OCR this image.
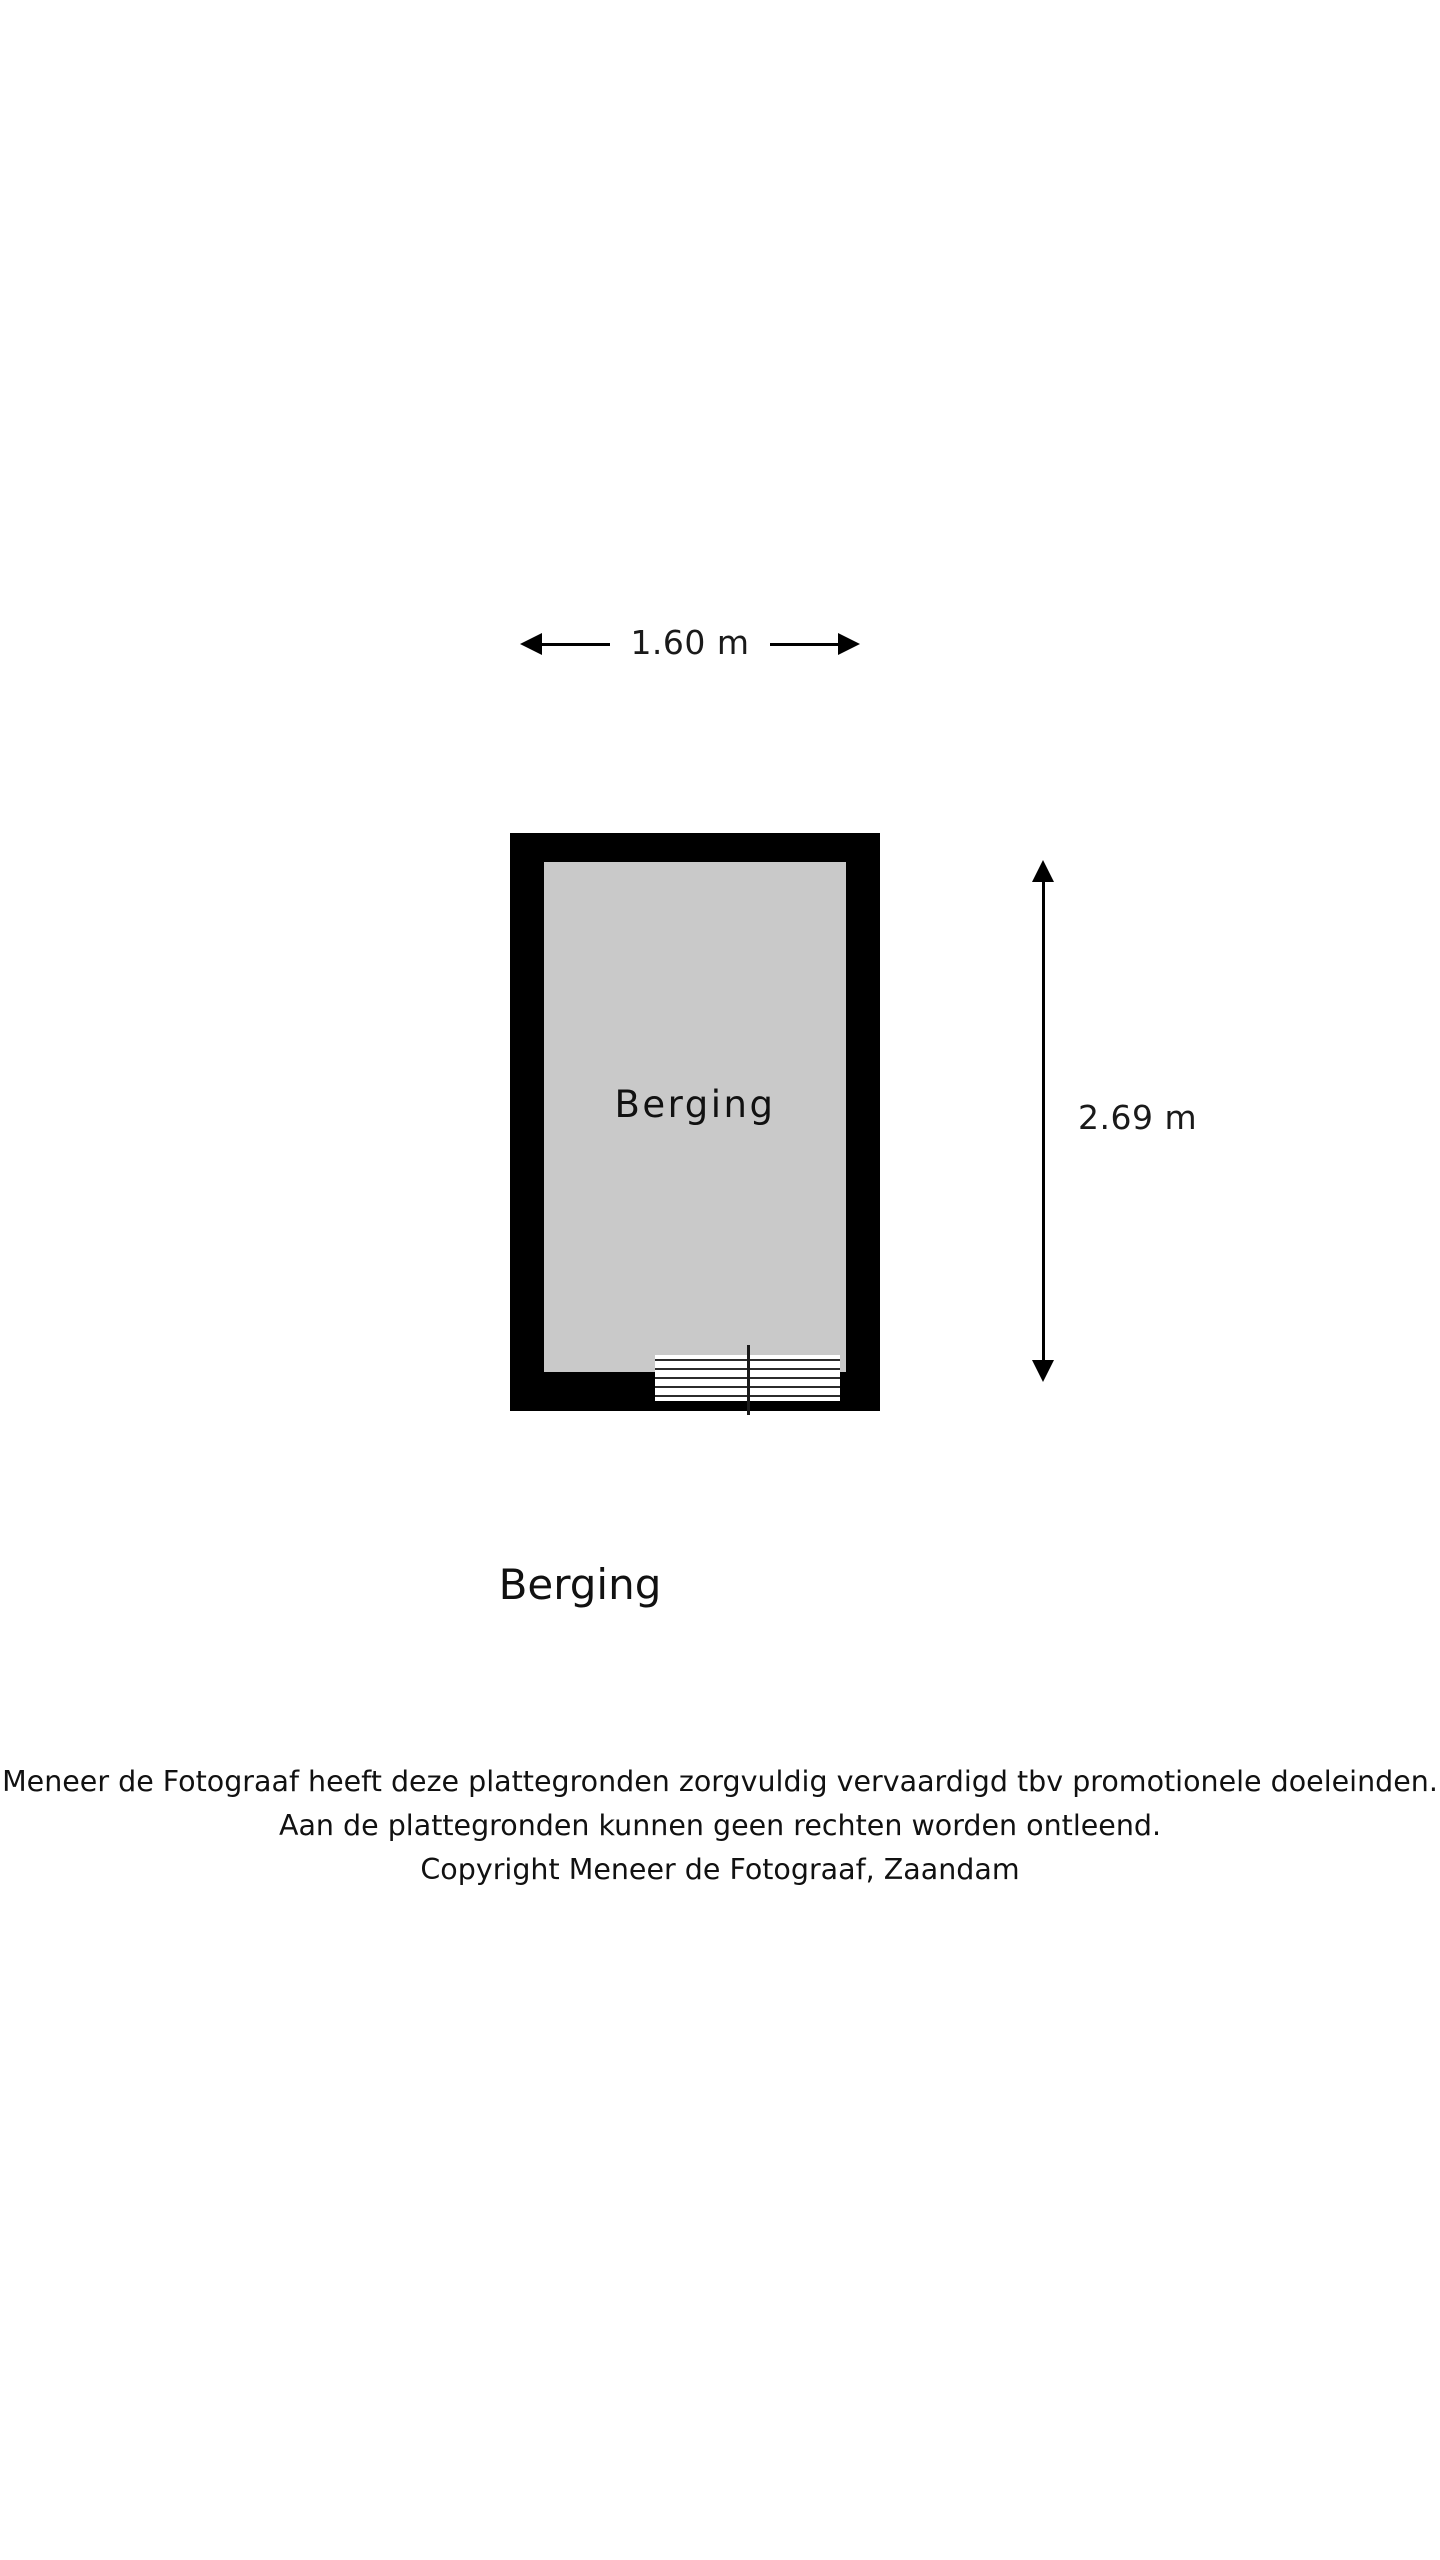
1.60 m
Berging	2.69 m
Berging
Meneer de Fotograaf heeft deze plattegronden zorgvuldig vervaardigd tbv promotionele doeleinden.
Aan de plattegronden kunnen geen rechten worden ontleend.
Copyright Meneer de Fotograaf, Zaandam
